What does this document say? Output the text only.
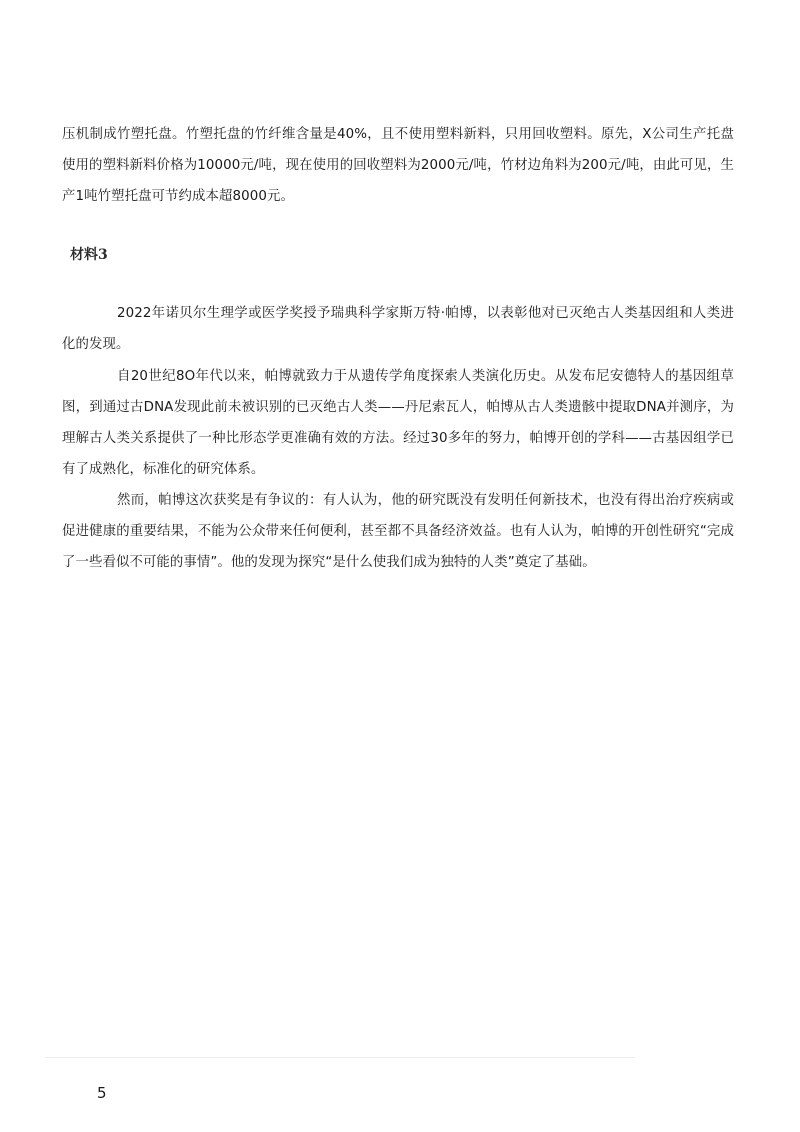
压机制成竹塑托盘。竹塑托盘的竹纤维含量是40%，且不使用塑料新料，只用回收塑料。原先，X公司生产托盘使用的塑料新料价格为10000元/吨，现在使用的回收塑料为2000元/吨，竹材边角料为200元/吨，由此可见，生产1吨竹塑托盘可节约成本超8000元。

材料3

2022年诺贝尔生理学或医学奖授予瑞典科学家斯万特·帕博，以表彰他对已灭绝古人类基因组和人类进化的发现。

自20世纪8O年代以来，帕博就致力于从遗传学角度探索人类演化历史。从发布尼安德特人的基因组草图，到通过古DNA发现此前未被识别的已灭绝古人类——丹尼索瓦人，帕博从古人类遗骸中提取DNA并测序，为理解古人类关系提供了一种比形态学更准确有效的方法。经过30多年的努力，帕博开创的学科——古基因组学已有了成熟化，标准化的研究体系。

然而，帕博这次获奖是有争议的：有人认为，他的研究既没有发明任何新技术，也没有得出治疗疾病或促进健康的重要结果，不能为公众带来任何便利，甚至都不具备经济效益。也有人认为，帕博的开创性研究“完成了一些看似不可能的事情”。他的发现为探究“是什么使我们成为独特的人类”奠定了基础。

5
